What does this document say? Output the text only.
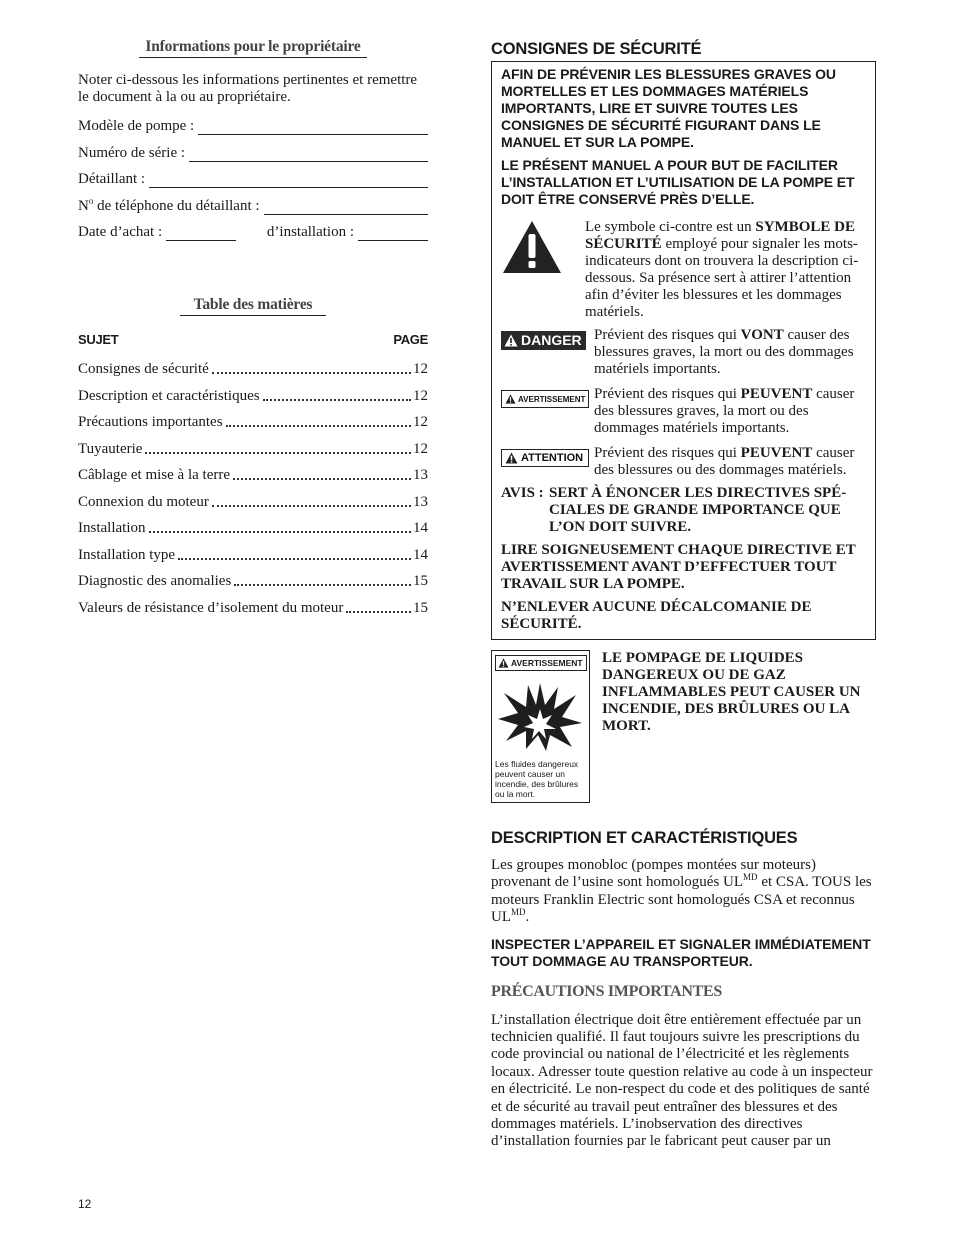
Informations pour le propriétaire
Noter ci-dessous les informations pertinentes et remettre le document à la ou au propriétaire.
Modèle de pompe :
Numéro de série :
Détaillant :
$N^o$ de téléphone du détaillant :
Date d’achat :	d’installation :
Table des matières
SUJET	PAGE
Consignes de sécurité	12
Description et caractéristiques	12
Précautions importantes	12
Tuyauterie	12
Câblage et mise à la terre	13
Connexion du moteur	13
Installation	14
Installation type	14
Diagnostic des anomalies	15
Valeurs de résistance d’isolement du moteur	15
CONSIGNES DE SÉCURITÉ
AFIN DE PRÉVENIR LES BLESSURES GRAVES OU MORTELLES ET LES DOMMAGES MATÉRIELS IMPORTANTS, LIRE ET SUIVRE TOUTES LES CONSIGNES DE SÉCURITÉ FIGURANT DANS LE MANUEL ET SUR LA POMPE.
LE PRÉSENT MANUEL A POUR BUT DE FACILITER L’INSTALLATION ET L’UTILISATION DE LA POMPE ET DOIT ÊTRE CONSERVÉ PRÈS D’ELLE.
Le symbole ci-contre est un SYMBOLE DE SÉCURITÉ employé pour signaler les mots-indicateurs dont on trouvera la description ci-dessous. Sa présence sert à attirer l’attention afin d’éviter les blessures et les dommages matériels.
DANGER Prévient des risques qui VONT causer des blessures graves, la mort ou des dommages matériels importants.
AVERTISSEMENT Prévient des risques qui PEUVENT causer des blessures graves, la mort ou des dommages matériels importants.
ATTENTION Prévient des risques qui PEUVENT causer des blessures ou des dommages matériels.
AVIS : SERT À ÉNONCER LES DIRECTIVES SPÉ-CIALES DE GRANDE IMPORTANCE QUE L’ON DOIT SUIVRE.
LIRE SOIGNEUSEMENT CHAQUE DIRECTIVE ET AVERTISSEMENT AVANT D’EFFECTUER TOUT TRAVAIL SUR LA POMPE.
N’ENLEVER AUCUNE DÉCALCOMANIE DE SÉCURITÉ.
AVERTISSEMENT
Les fluides dangereux peuvent causer un incendie, des brûlures ou la mort.
LE POMPAGE DE LIQUIDES DANGEREUX OU DE GAZ INFLAMMABLES PEUT CAUSER UN INCENDIE, DES BRÛLURES OU LA MORT.
DESCRIPTION ET CARACTÉRISTIQUES
Les groupes monobloc (pompes montées sur moteurs) provenant de l’usine sont homologués $UL^{MD}$ et CSA. TOUS les moteurs Franklin Electric sont homologués CSA et reconnus $UL^{MD}$.
INSPECTER L’APPAREIL ET SIGNALER IMMÉDIATEMENT TOUT DOMMAGE AU TRANSPORTEUR.
PRÉCAUTIONS IMPORTANTES
L’installation électrique doit être entièrement effectuée par un technicien qualifié. Il faut toujours suivre les prescriptions du code provincial ou national de l’électricité et les règlements locaux. Adresser toute question relative au code à un inspecteur en électricité. Le non-respect du code et des politiques de santé et de sécurité au travail peut entraîner des blessures et des dommages matériels. L’inobservation des directives d’installation fournies par le fabricant peut causer par un
12
